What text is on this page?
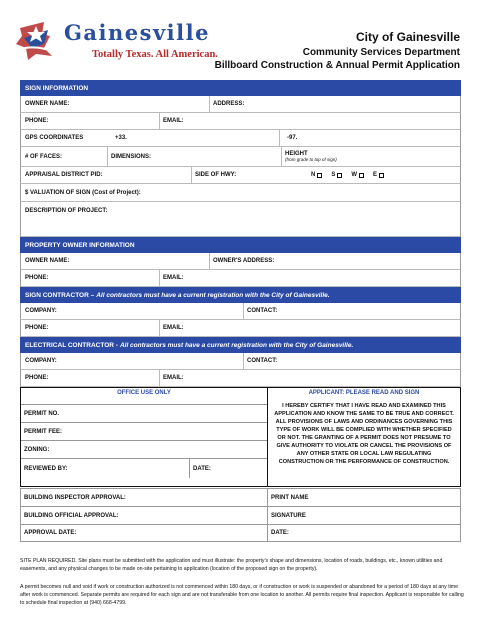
Gainesville
Totally Texas. All American.
City of Gainesville
Community Services Department
Billboard Construction & Annual Permit Application
SIGN INFORMATION
OWNER NAME:	ADDRESS:
PHONE:	EMAIL:
GPS COORDINATES	+33.	-97.
# OF FACES:	DIMENSIONS:	HEIGHT
(from grade to top of sign)
APPRAISAL DISTRICT PID:	SIDE OF HWY:	N	S	W	E
$ VALUATION OF SIGN (Cost of Project):
DESCRIPTION OF PROJECT:
PROPERTY OWNER INFORMATION
OWNER NAME:	OWNER'S ADDRESS:
PHONE:	EMAIL:
SIGN CONTRACTOR – All contractors must have a current registration with the City of Gainesville.
COMPANY:	CONTACT:
PHONE:	EMAIL:
ELECTRICAL CONTRACTOR - All contractors must have a current registration with the City of Gainesville.
COMPANY:	CONTACT:
PHONE:	EMAIL:
OFFICE USE ONLY
PERMIT NO.
PERMIT FEE:
ZONING:
REVIEWED BY:	DATE:
APPLICANT: PLEASE READ AND SIGN
I HEREBY CERTIFY THAT I HAVE READ AND EXAMINED THIS APPLICATION AND KNOW THE SAME TO BE TRUE AND CORRECT. ALL PROVISIONS OF LAWS AND ORDINANCES GOVERNING THIS TYPE OF WORK WILL BE COMPLIED WITH WHETHER SPECIFIED OR NOT. THE GRANTING OF A PERMIT DOES NOT PRESUME TO GIVE AUTHORITY TO VIOLATE OR CANCEL THE PROVISIONS OF ANY OTHER STATE OR LOCAL LAW REGULATING CONSTRUCTION OR THE PERFORMANCE OF CONSTRUCTION.
BUILDING INSPECTOR APPROVAL:	PRINT NAME
BUILDING OFFICIAL APPROVAL:	SIGNATURE
APPROVAL DATE:	DATE:
SITE PLAN REQUIRED. Site plans must be submitted with the application and must illustrate: the property’s shape and dimensions, location of roads, buildings, etc., known utilities and easements, and any physical changes to be made on-site pertaining to application (location of the proposed sign on the property).
A permit becomes null and void if work or construction authorized is not commenced within 180 days, or if construction or work is suspended or abandoned for a period of 180 days at any time after work is commenced. Separate permits are required for each sign and are not transferable from one location to another. All permits require final inspection. Applicant is responsible for calling to schedule final inspection at (940) 668-4799.
